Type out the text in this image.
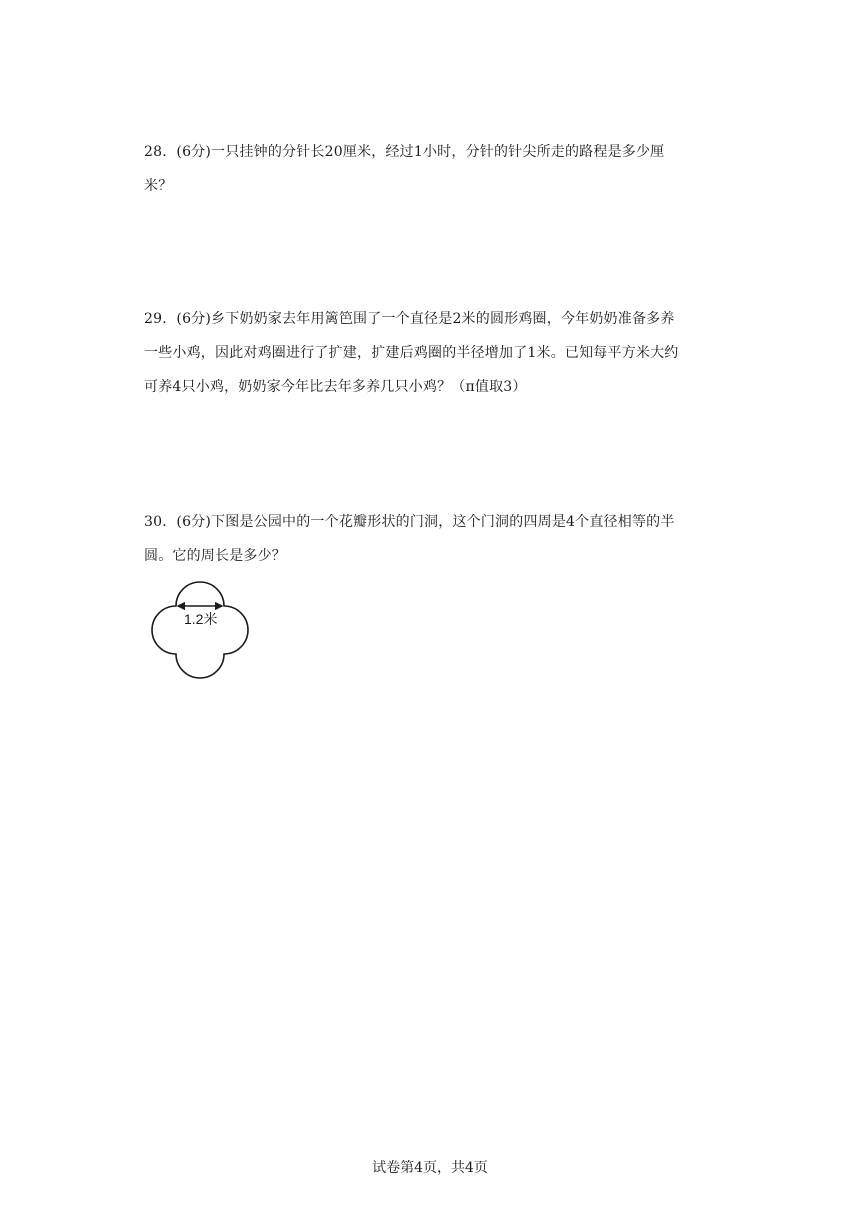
28．(6分)一只挂钟的分针长20厘米，经过1小时，分针的针尖所走的路程是多少厘
米？
29．(6分)乡下奶奶家去年用篱笆围了一个直径是2米的圆形鸡圈，今年奶奶准备多养
一些小鸡，因此对鸡圈进行了扩建，扩建后鸡圈的半径增加了1米。已知每平方米大约
可养4只小鸡，奶奶家今年比去年多养几只小鸡？（π值取3）
30．(6分)下图是公园中的一个花瓣形状的门洞，这个门洞的四周是4个直径相等的半
圆。它的周长是多少？
1.2米
试卷第4页，共4页
